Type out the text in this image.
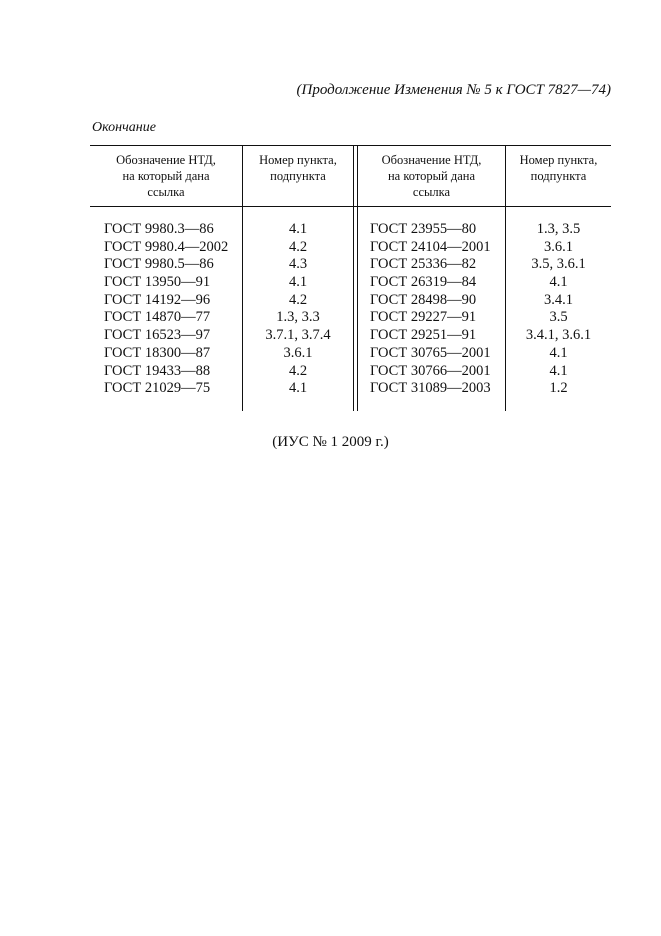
(Продолжение Изменения № 5 к ГОСТ 7827—74)
Окончание
Обозначение НТД,
на который дана
ссылка
Номер пункта,
подпункта
Обозначение НТД,
на который дана
ссылка
Номер пункта,
подпункта
ГОСТ 9980.3—86
ГОСТ 9980.4—2002
ГОСТ 9980.5—86
ГОСТ 13950—91
ГОСТ 14192—96
ГОСТ 14870—77
ГОСТ 16523—97
ГОСТ 18300—87
ГОСТ 19433—88
ГОСТ 21029—75
4.1
4.2
4.3
4.1
4.2
1.3, 3.3
3.7.1, 3.7.4
3.6.1
4.2
4.1
ГОСТ 23955—80
ГОСТ 24104—2001
ГОСТ 25336—82
ГОСТ 26319—84
ГОСТ 28498—90
ГОСТ 29227—91
ГОСТ 29251—91
ГОСТ 30765—2001
ГОСТ 30766—2001
ГОСТ 31089—2003
1.3, 3.5
3.6.1
3.5, 3.6.1
4.1
3.4.1
3.5
3.4.1, 3.6.1
4.1
4.1
1.2
(ИУС № 1 2009 г.)
